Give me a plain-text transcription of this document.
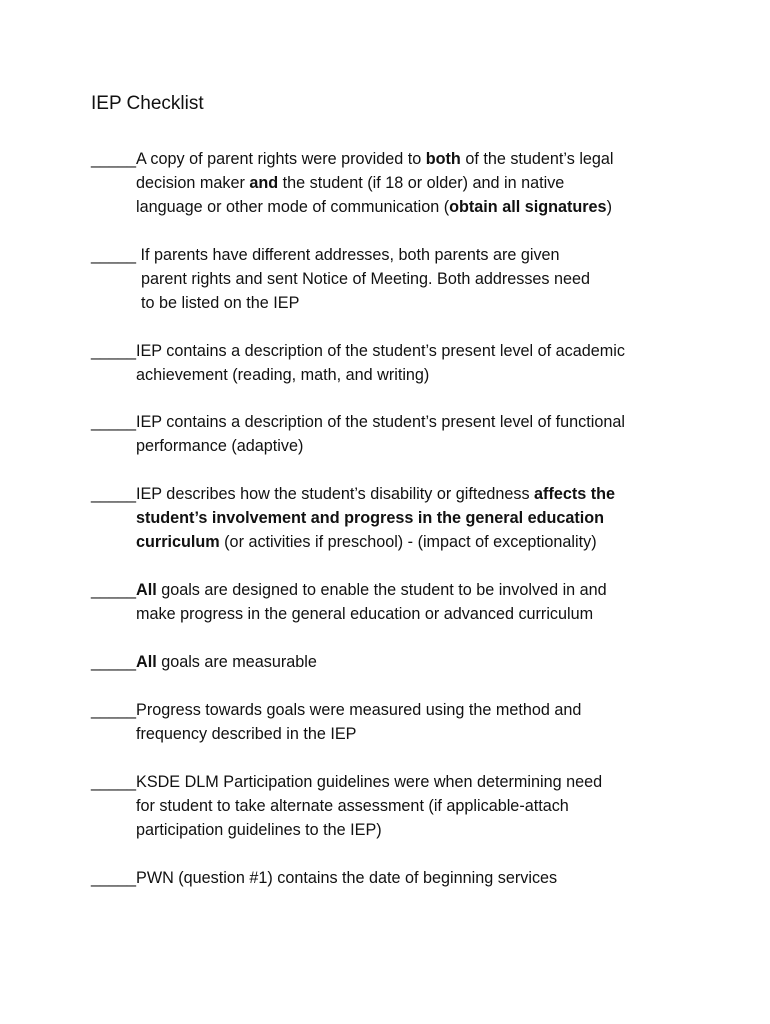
IEP Checklist
_____A copy of parent rights were provided to both of the student’s legal
decision maker and the student (if 18 or older) and in native
language or other mode of communication (obtain all signatures)
_____ If parents have different addresses, both parents are given
parent rights and sent Notice of Meeting. Both addresses need
to be listed on the IEP
_____IEP contains a description of the student’s present level of academic
achievement (reading, math, and writing)
_____IEP contains a description of the student’s present level of functional
performance (adaptive)
_____IEP describes how the student’s disability or giftedness affects the
student’s involvement and progress in the general education
curriculum (or activities if preschool) - (impact of exceptionality)
_____All goals are designed to enable the student to be involved in and
make progress in the general education or advanced curriculum
_____All goals are measurable
_____Progress towards goals were measured using the method and
frequency described in the IEP
_____KSDE DLM Participation guidelines were when determining need
for student to take alternate assessment (if applicable-attach
participation guidelines to the IEP)
_____PWN (question #1) contains the date of beginning services
